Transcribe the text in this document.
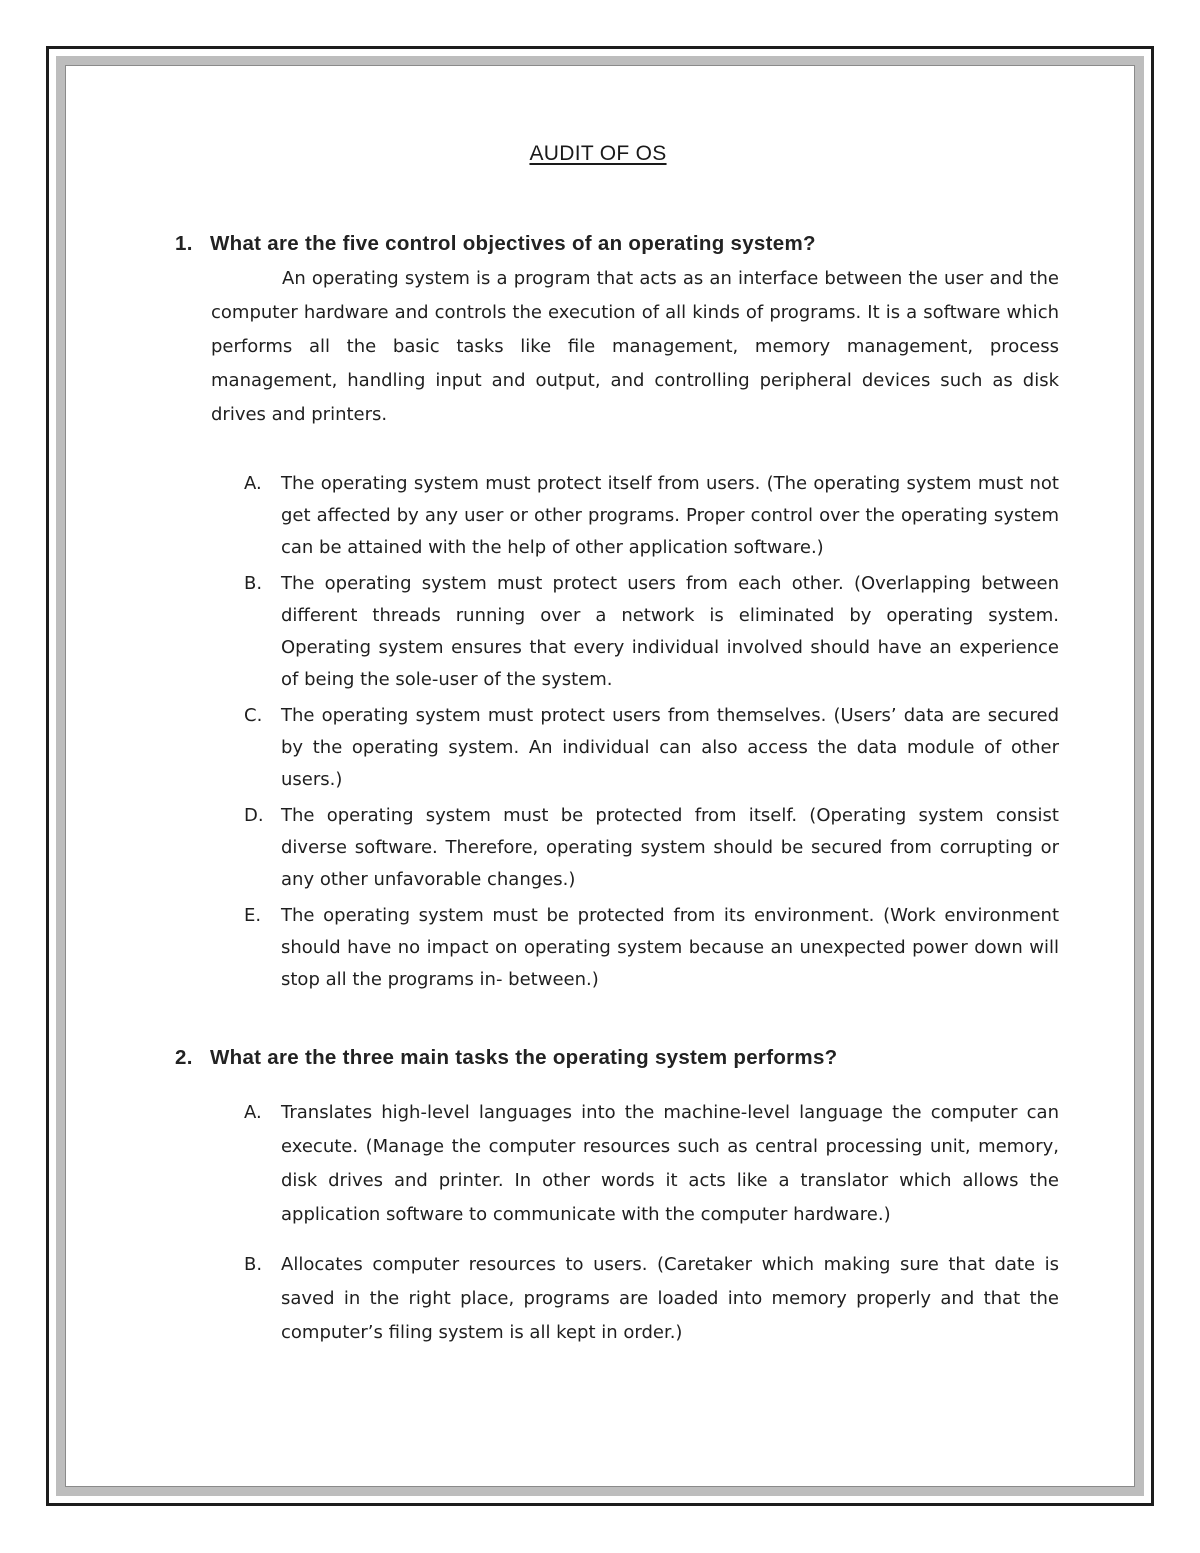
AUDIT OF OS
1. What are the five control objectives of an operating system?
An operating system is a program that acts as an interface between the user and the computer hardware and controls the execution of all kinds of programs. It is a software which performs all the basic tasks like file management, memory management, process management, handling input and output, and controlling peripheral devices such as disk drives and printers.
A.	The operating system must protect itself from users. (The operating system must not get affected by any user or other programs. Proper control over the operating system can be attained with the help of other application software.)
B.	The operating system must protect users from each other. (Overlapping between different threads running over a network is eliminated by operating system. Operating system ensures that every individual involved should have an experience of being the sole-user of the system.
C.	The operating system must protect users from themselves. (Users’ data are secured by the operating system. An individual can also access the data module of other users.)
D. The operating system must be protected from itself. (Operating system consist diverse software. Therefore, operating system should be secured from corrupting or any other unfavorable changes.)
E.	The operating system must be protected from its environment. (Work environment should have no impact on operating system because an unexpected power down will stop all the programs in- between.)
2. What are the three main tasks the operating system performs?
A.	Translates high-level languages into the machine-level language the computer can execute. (Manage the computer resources such as central processing unit, memory, disk drives and printer. In other words it acts like a translator which allows the application software to communicate with the computer hardware.)
B.	Allocates computer resources to users. (Caretaker which making sure that date is saved in the right place, programs are loaded into memory properly and that the computer’s filing system is all kept in order.)
